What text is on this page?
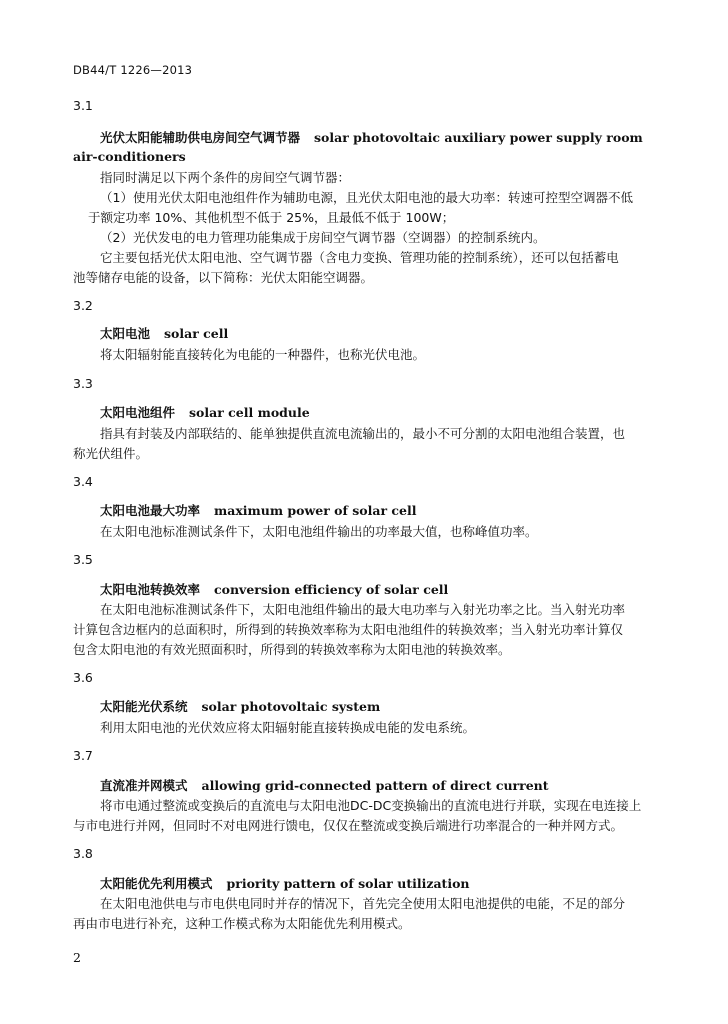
DB44/T 1226—2013
3.1
光伏太阳能辅助供电房间空气调节器 solar photovoltaic auxiliary power supply room
air-conditioners
指同时满足以下两个条件的房间空气调节器：
（1）使用光伏太阳电池组件作为辅助电源，且光伏太阳电池的最大功率：转速可控型空调器不低
于额定功率 10%、其他机型不低于 25%，且最低不低于 100W；
（2）光伏发电的电力管理功能集成于房间空气调节器（空调器）的控制系统内。
它主要包括光伏太阳电池、空气调节器（含电力变换、管理功能的控制系统），还可以包括蓄电
池等储存电能的设备，以下简称：光伏太阳能空调器。
3.2
太阳电池 solar cell
将太阳辐射能直接转化为电能的一种器件，也称光伏电池。
3.3
太阳电池组件 solar cell module
指具有封装及内部联结的、能单独提供直流电流输出的，最小不可分割的太阳电池组合装置，也
称光伏组件。
3.4
太阳电池最大功率 maximum power of solar cell
在太阳电池标准测试条件下，太阳电池组件输出的功率最大值，也称峰值功率。
3.5
太阳电池转换效率 conversion efficiency of solar cell
在太阳电池标准测试条件下，太阳电池组件输出的最大电功率与入射光功率之比。当入射光功率
计算包含边框内的总面积时，所得到的转换效率称为太阳电池组件的转换效率；当入射光功率计算仅
包含太阳电池的有效光照面积时，所得到的转换效率称为太阳电池的转换效率。
3.6
太阳能光伏系统 solar photovoltaic system
利用太阳电池的光伏效应将太阳辐射能直接转换成电能的发电系统。
3.7
直流准并网模式 allowing grid-connected pattern of direct current
将市电通过整流或变换后的直流电与太阳电池DC-DC变换输出的直流电进行并联，实现在电连接上
与市电进行并网，但同时不对电网进行馈电，仅仅在整流或变换后端进行功率混合的一种并网方式。
3.8
太阳能优先利用模式 priority pattern of solar utilization
在太阳电池供电与市电供电同时并存的情况下，首先完全使用太阳电池提供的电能，不足的部分
再由市电进行补充，这种工作模式称为太阳能优先利用模式。
2
